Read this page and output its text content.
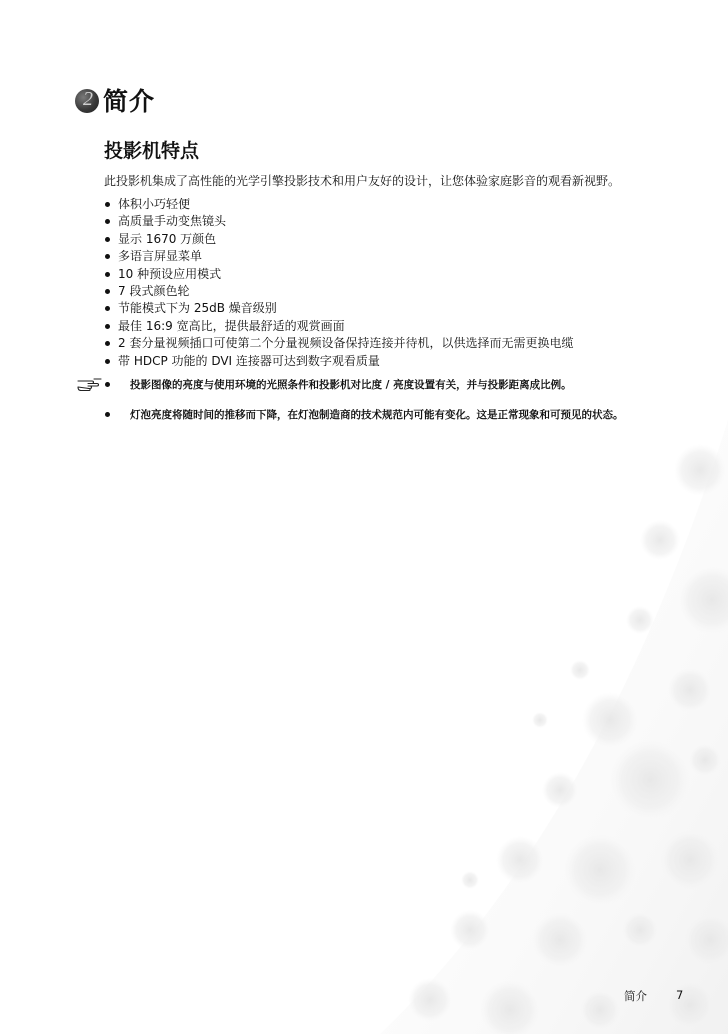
2 简介
投影机特点
此投影机集成了高性能的光学引擎投影技术和用户友好的设计，让您体验家庭影音的观看新视野。
体积小巧轻便
高质量手动变焦镜头
显示 1670 万颜色
多语言屏显菜单
10 种预设应用模式
7 段式颜色轮
节能模式下为 25dB 燥音级别
最佳 16:9 宽高比，提供最舒适的观赏画面
2 套分量视频插口可使第二个分量视频设备保持连接并待机，以供选择而无需更换电缆
带 HDCP 功能的 DVI 连接器可达到数字观看质量
投影图像的亮度与使用环境的光照条件和投影机对比度 / 亮度设置有关，并与投影距离成比例。
灯泡亮度将随时间的推移而下降，在灯泡制造商的技术规范内可能有变化。这是正常现象和可预见的状态。
简介	7
